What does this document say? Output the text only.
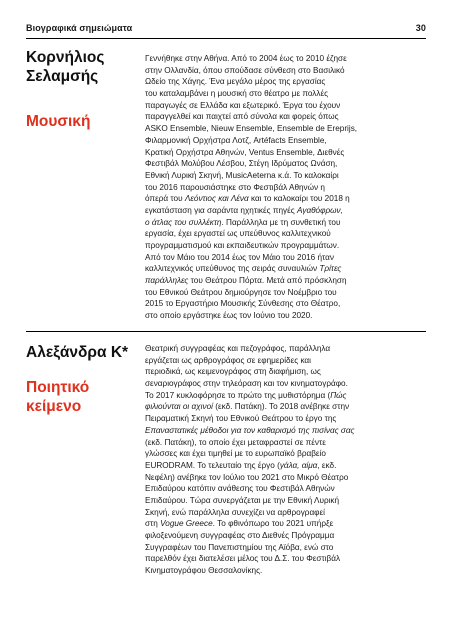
Βιογραφικά σημειώματα	30
Κορνήλιος
Σελαμσής
Μουσική
Γεννήθηκε στην Αθήνα. Από το 2004 έως το 2010 έζησε
στην Ολλανδία, όπου σπούδασε σύνθεση στο Βασιλικό
Ωδείο της Χάγης. Ένα μεγάλο μέρος της εργασίας
του καταλαμβάνει η μουσική στο θέατρο με πολλές
παραγωγές σε Ελλάδα και εξωτερικό. Έργα του έχουν
παραγγελθεί και παιχτεί από σύνολα και φορείς όπως
ASKO Ensemble, Nieuw Ensemble, Ensemble de Ereprijs,
Φιλαρμονική Ορχήστρα Λοτζ, Artéfacts Ensemble,
Κρατική Ορχήστρα Αθηνών, Ventus Ensemble, Διεθνές
Φεστιβάλ Μολύβου Λέσβου, Στέγη Ιδρύματος Ωνάση,
Εθνική Λυρική Σκηνή, MusicAeterna κ.ά. Το καλοκαίρι
του 2016 παρουσιάστηκε στο Φεστιβάλ Αθηνών η
όπερά του Λεόντιος και Λένα και το καλοκαίρι του 2018 η
εγκατάσταση για σαράντα ηχητικές πηγές Αγαθόφρων,
ο άτλας του συλλέκτη. Παράλληλα με τη συνθετική του
εργασία, έχει εργαστεί ως υπεύθυνος καλλιτεχνικού
προγραμματισμού και εκπαιδευτικών προγραμμάτων.
Από τον Μάιο του 2014 έως τον Μάιο του 2016 ήταν
καλλιτεχνικός υπεύθυνος της σειράς συναυλιών Τρίτες
παράλληλες του Θεάτρου Πόρτα. Μετά από πρόσκληση
του Εθνικού Θεάτρου δημιούργησε τον Νοέμβριο του
2015 το Εργαστήριο Μουσικής Σύνθεσης στο Θέατρο,
στο οποίο εργάστηκε έως τον Ιούνιο του 2020.
Αλεξάνδρα Κ*
Ποιητικό
κείμενο
Θεατρική συγγραφέας και πεζογράφος, παράλληλα
εργάζεται ως αρθρογράφος σε εφημερίδες και
περιοδικά, ως κειμενογράφος στη διαφήμιση, ως
σεναριογράφος στην τηλεόραση και τον κινηματογράφο.
Το 2017 κυκλοφόρησε το πρώτο της μυθιστόρημα (Πώς
φιλιούνται οι αχινοί (εκδ. Πατάκη). Το 2018 ανέβηκε στην
Πειραματική Σκηνή του Εθνικού Θεάτρου το έργο της
Επαναστατικές μέθοδοι για τον καθαρισμό της πισίνας σας
(εκδ. Πατάκη), το οποίο έχει μεταφραστεί σε πέντε
γλώσσες και έχει τιμηθεί με το ευρωπαϊκό βραβείο
EURODRAM. Το τελευταίο της έργο (γάλα, αίμα, εκδ.
Νεφέλη) ανέβηκε τον Ιούλιο του 2021 στο Μικρό Θέατρο
Επιδαύρου κατόπιν ανάθεσης του Φεστιβάλ Αθηνών
Επιδαύρου. Τώρα συνεργάζεται με την Εθνική Λυρική
Σκηνή, ενώ παράλληλα συνεχίζει να αρθρογραφεί
στη Vogue Greece. Το φθινόπωρο του 2021 υπήρξε
φιλοξενούμενη συγγραφέας στο Διεθνές Πρόγραμμα
Συγγραφέων του Πανεπιστημίου της Αϊόβα, ενώ στο
παρελθόν έχει διατελέσει μέλος του Δ.Σ. του Φεστιβάλ
Κινηματογράφου Θεσσαλονίκης.
